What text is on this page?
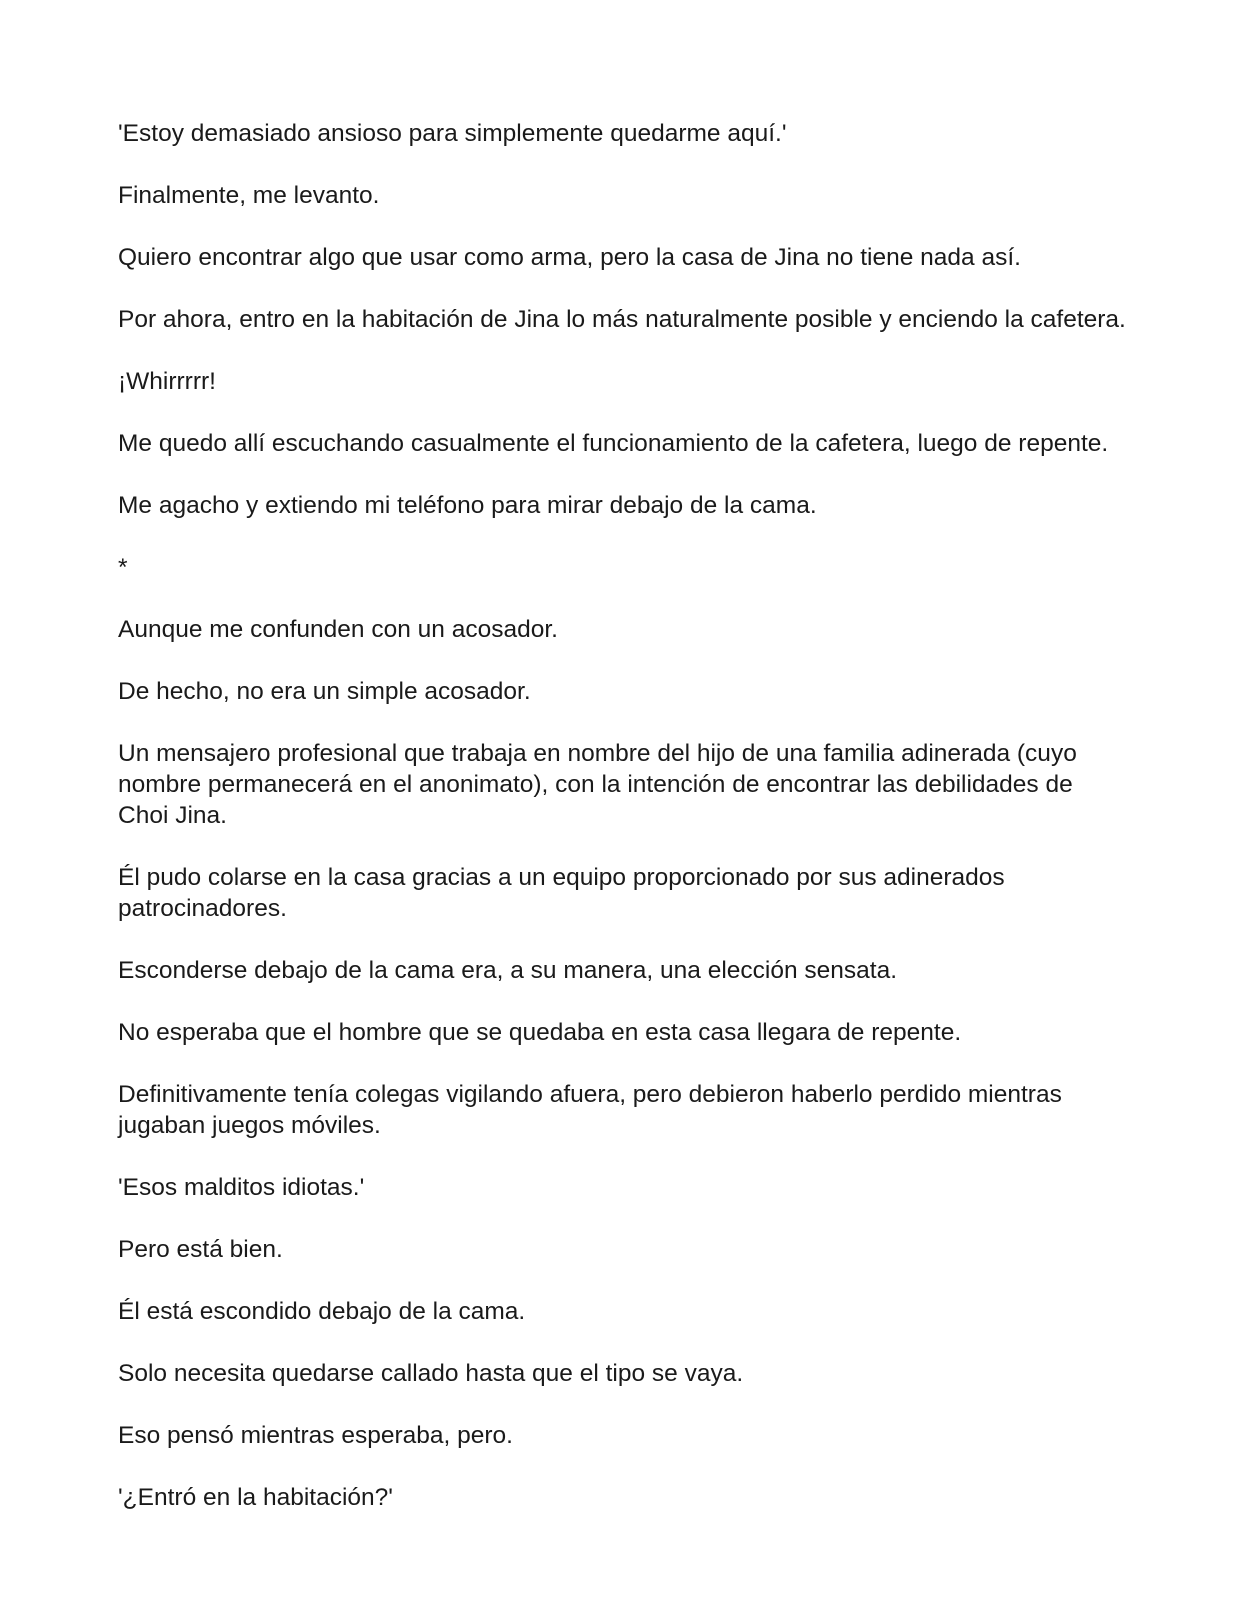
'Estoy demasiado ansioso para simplemente quedarme aquí.'

Finalmente, me levanto.

Quiero encontrar algo que usar como arma, pero la casa de Jina no tiene nada así.

Por ahora, entro en la habitación de Jina lo más naturalmente posible y enciendo la cafetera.

¡Whirrrrr!

Me quedo allí escuchando casualmente el funcionamiento de la cafetera, luego de repente.

Me agacho y extiendo mi teléfono para mirar debajo de la cama.

*

Aunque me confunden con un acosador.

De hecho, no era un simple acosador.

Un mensajero profesional que trabaja en nombre del hijo de una familia adinerada (cuyo nombre permanecerá en el anonimato), con la intención de encontrar las debilidades de Choi Jina.

Él pudo colarse en la casa gracias a un equipo proporcionado por sus adinerados patrocinadores.

Esconderse debajo de la cama era, a su manera, una elección sensata.

No esperaba que el hombre que se quedaba en esta casa llegara de repente.

Definitivamente tenía colegas vigilando afuera, pero debieron haberlo perdido mientras jugaban juegos móviles.

'Esos malditos idiotas.'

Pero está bien.

Él está escondido debajo de la cama.

Solo necesita quedarse callado hasta que el tipo se vaya.

Eso pensó mientras esperaba, pero.

'¿Entró en la habitación?'
